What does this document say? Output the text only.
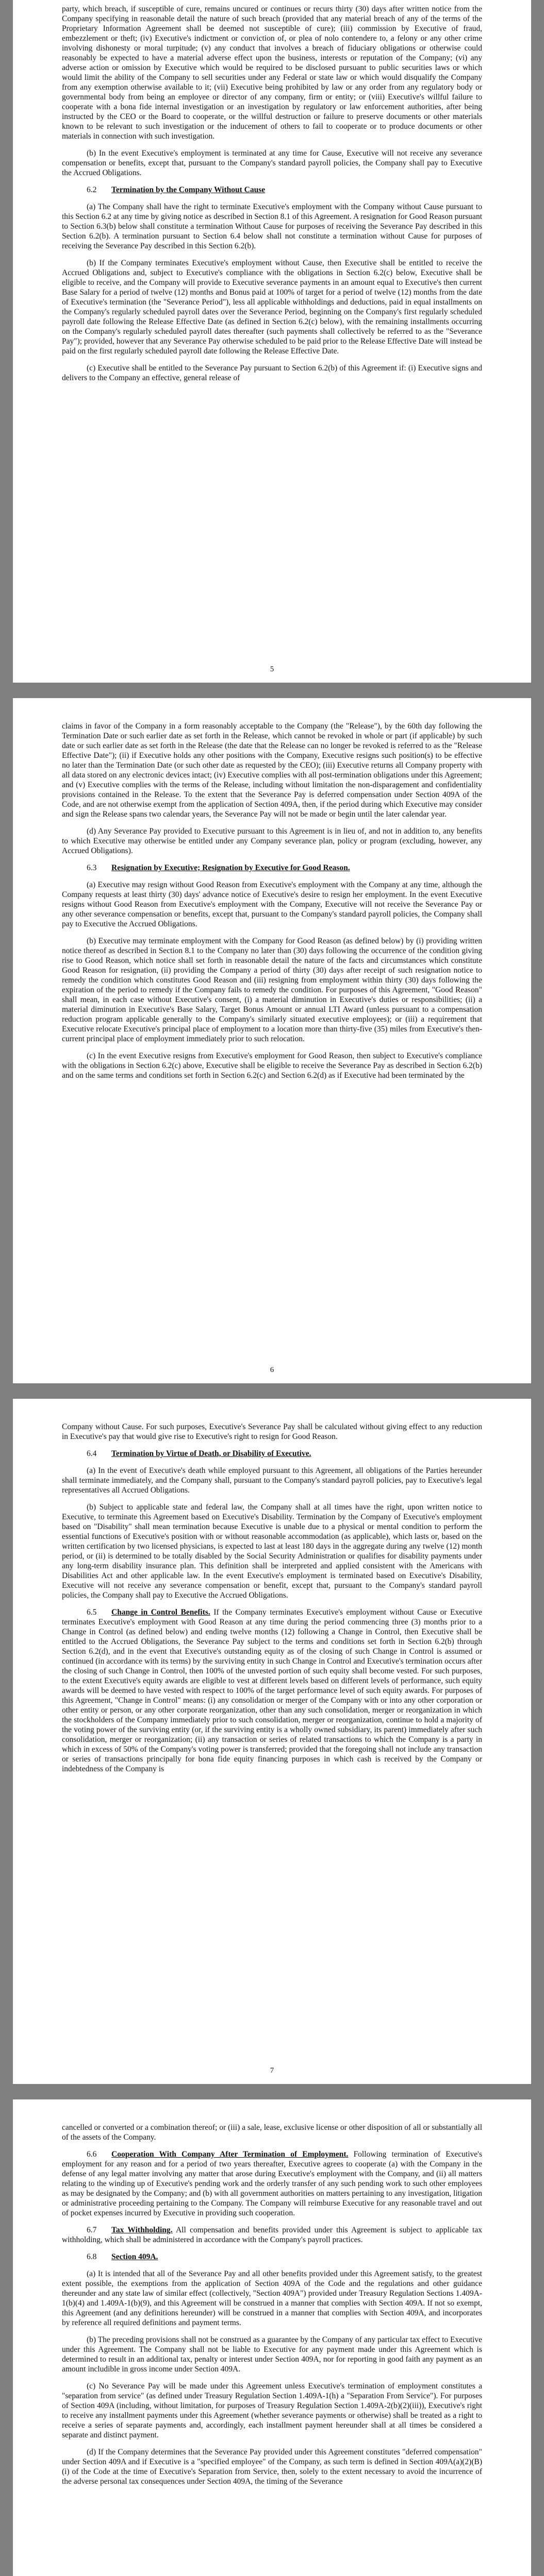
party, which breach, if susceptible of cure, remains uncured or continues or recurs thirty (30) days after written notice from the Company specifying in reasonable detail the nature of such breach (provided that any material breach of any of the terms of the Proprietary Information Agreement shall be deemed not susceptible of cure); (iii) commission by Executive of fraud, embezzlement or theft; (iv) Executive's indictment or conviction of, or plea of nolo contendere to, a felony or any other crime involving dishonesty or moral turpitude; (v) any conduct that involves a breach of fiduciary obligations or otherwise could reasonably be expected to have a material adverse effect upon the business, interests or reputation of the Company; (vi) any adverse action or omission by Executive which would be required to be disclosed pursuant to public securities laws or which would limit the ability of the Company to sell securities under any Federal or state law or which would disqualify the Company from any exemption otherwise available to it; (vii) Executive being prohibited by law or any order from any regulatory body or governmental body from being an employee or director of any company, firm or entity; or (viii) Executive's willful failure to cooperate with a bona fide internal investigation or an investigation by regulatory or law enforcement authorities, after being instructed by the CEO or the Board to cooperate, or the willful destruction or failure to preserve documents or other materials known to be relevant to such investigation or the inducement of others to fail to cooperate or to produce documents or other materials in connection with such investigation.

(b) In the event Executive's employment is terminated at any time for Cause, Executive will not receive any severance compensation or benefits, except that, pursuant to the Company's standard payroll policies, the Company shall pay to Executive the Accrued Obligations.

6.2 Termination by the Company Without Cause

(a) The Company shall have the right to terminate Executive's employment with the Company without Cause pursuant to this Section 6.2 at any time by giving notice as described in Section 8.1 of this Agreement. A resignation for Good Reason pursuant to Section 6.3(b) below shall constitute a termination Without Cause for purposes of receiving the Severance Pay described in this Section 6.2(b). A termination pursuant to Section 6.4 below shall not constitute a termination without Cause for purposes of receiving the Severance Pay described in this Section 6.2(b).

(b) If the Company terminates Executive's employment without Cause, then Executive shall be entitled to receive the Accrued Obligations and, subject to Executive's compliance with the obligations in Section 6.2(c) below, Executive shall be eligible to receive, and the Company will provide to Executive severance payments in an amount equal to Executive's then current Base Salary for a period of twelve (12) months and Bonus paid at 100% of target for a period of twelve (12) months from the date of Executive's termination (the "Severance Period"), less all applicable withholdings and deductions, paid in equal installments on the Company's regularly scheduled payroll dates over the Severance Period, beginning on the Company's first regularly scheduled payroll date following the Release Effective Date (as defined in Section 6.2(c) below), with the remaining installments occurring on the Company's regularly scheduled payroll dates thereafter (such payments shall collectively be referred to as the "Severance Pay"); provided, however that any Severance Pay otherwise scheduled to be paid prior to the Release Effective Date will instead be paid on the first regularly scheduled payroll date following the Release Effective Date.

(c) Executive shall be entitled to the Severance Pay pursuant to Section 6.2(b) of this Agreement if: (i) Executive signs and delivers to the Company an effective, general release of

5

claims in favor of the Company in a form reasonably acceptable to the Company (the "Release"), by the 60th day following the Termination Date or such earlier date as set forth in the Release, which cannot be revoked in whole or part (if applicable) by such date or such earlier date as set forth in the Release (the date that the Release can no longer be revoked is referred to as the "Release Effective Date"); (ii) if Executive holds any other positions with the Company, Executive resigns such position(s) to be effective no later than the Termination Date (or such other date as requested by the CEO); (iii) Executive returns all Company property with all data stored on any electronic devices intact; (iv) Executive complies with all post-termination obligations under this Agreement; and (v) Executive complies with the terms of the Release, including without limitation the non-disparagement and confidentiality provisions contained in the Release. To the extent that the Severance Pay is deferred compensation under Section 409A of the Code, and are not otherwise exempt from the application of Section 409A, then, if the period during which Executive may consider and sign the Release spans two calendar years, the Severance Pay will not be made or begin until the later calendar year.

(d) Any Severance Pay provided to Executive pursuant to this Agreement is in lieu of, and not in addition to, any benefits to which Executive may otherwise be entitled under any Company severance plan, policy or program (excluding, however, any Accrued Obligations).

6.3 Resignation by Executive; Resignation by Executive for Good Reason.

(a) Executive may resign without Good Reason from Executive's employment with the Company at any time, although the Company requests at least thirty (30) days' advance notice of Executive's desire to resign her employment. In the event Executive resigns without Good Reason from Executive's employment with the Company, Executive will not receive the Severance Pay or any other severance compensation or benefits, except that, pursuant to the Company's standard payroll policies, the Company shall pay to Executive the Accrued Obligations.

(b) Executive may terminate employment with the Company for Good Reason (as defined below) by (i) providing written notice thereof as described in Section 8.1 to the Company no later than (30) days following the occurrence of the condition giving rise to Good Reason, which notice shall set forth in reasonable detail the nature of the facts and circumstances which constitute Good Reason for resignation, (ii) providing the Company a period of thirty (30) days after receipt of such resignation notice to remedy the condition which constitutes Good Reason and (iii) resigning from employment within thirty (30) days following the expiration of the period to remedy if the Company fails to remedy the condition. For purposes of this Agreement, "Good Reason" shall mean, in each case without Executive's consent, (i) a material diminution in Executive's duties or responsibilities; (ii) a material diminution in Executive's Base Salary, Target Bonus Amount or annual LTI Award (unless pursuant to a compensation reduction program applicable generally to the Company's similarly situated executive employees); or (iii) a requirement that Executive relocate Executive's principal place of employment to a location more than thirty-five (35) miles from Executive's then-current principal place of employment immediately prior to such relocation.

(c) In the event Executive resigns from Executive's employment for Good Reason, then subject to Executive's compliance with the obligations in Section 6.2(c) above, Executive shall be eligible to receive the Severance Pay as described in Section 6.2(b) and on the same terms and conditions set forth in Section 6.2(c) and Section 6.2(d) as if Executive had been terminated by the

6

Company without Cause. For such purposes, Executive's Severance Pay shall be calculated without giving effect to any reduction in Executive's pay that would give rise to Executive's right to resign for Good Reason.

6.4 Termination by Virtue of Death, or Disability of Executive.

(a) In the event of Executive's death while employed pursuant to this Agreement, all obligations of the Parties hereunder shall terminate immediately, and the Company shall, pursuant to the Company's standard payroll policies, pay to Executive's legal representatives all Accrued Obligations.

(b) Subject to applicable state and federal law, the Company shall at all times have the right, upon written notice to Executive, to terminate this Agreement based on Executive's Disability. Termination by the Company of Executive's employment based on "Disability" shall mean termination because Executive is unable due to a physical or mental condition to perform the essential functions of Executive's position with or without reasonable accommodation (as applicable), which lasts or, based on the written certification by two licensed physicians, is expected to last at least 180 days in the aggregate during any twelve (12) month period, or (ii) is determined to be totally disabled by the Social Security Administration or qualifies for disability payments under any long-term disability insurance plan. This definition shall be interpreted and applied consistent with the Americans with Disabilities Act and other applicable law. In the event Executive's employment is terminated based on Executive's Disability, Executive will not receive any severance compensation or benefit, except that, pursuant to the Company's standard payroll policies, the Company shall pay to Executive the Accrued Obligations.

6.5 Change in Control Benefits. If the Company terminates Executive's employment without Cause or Executive terminates Executive's employment with Good Reason at any time during the period commencing three (3) months prior to a Change in Control (as defined below) and ending twelve months (12) following a Change in Control, then Executive shall be entitled to the Accrued Obligations, the Severance Pay subject to the terms and conditions set forth in Section 6.2(b) through Section 6.2(d), and in the event that Executive's outstanding equity as of the closing of such Change in Control is assumed or continued (in accordance with its terms) by the surviving entity in such Change in Control and Executive's termination occurs after the closing of such Change in Control, then 100% of the unvested portion of such equity shall become vested. For such purposes, to the extent Executive's equity awards are eligible to vest at different levels based on different levels of performance, such equity awards will be deemed to have vested with respect to 100% of the target performance level of such equity awards. For purposes of this Agreement, "Change in Control" means: (i) any consolidation or merger of the Company with or into any other corporation or other entity or person, or any other corporate reorganization, other than any such consolidation, merger or reorganization in which the stockholders of the Company immediately prior to such consolidation, merger or reorganization, continue to hold a majority of the voting power of the surviving entity (or, if the surviving entity is a wholly owned subsidiary, its parent) immediately after such consolidation, merger or reorganization; (ii) any transaction or series of related transactions to which the Company is a party in which in excess of 50% of the Company's voting power is transferred; provided that the foregoing shall not include any transaction or series of transactions principally for bona fide equity financing purposes in which cash is received by the Company or indebtedness of the Company is

7

cancelled or converted or a combination thereof; or (iii) a sale, lease, exclusive license or other disposition of all or substantially all of the assets of the Company.

6.6 Cooperation With Company After Termination of Employment. Following termination of Executive's employment for any reason and for a period of two years thereafter, Executive agrees to cooperate (a) with the Company in the defense of any legal matter involving any matter that arose during Executive's employment with the Company, and (ii) all matters relating to the winding up of Executive's pending work and the orderly transfer of any such pending work to such other employees as may be designated by the Company; and (b) with all government authorities on matters pertaining to any investigation, litigation or administrative proceeding pertaining to the Company. The Company will reimburse Executive for any reasonable travel and out of pocket expenses incurred by Executive in providing such cooperation.

6.7 Tax Withholding. All compensation and benefits provided under this Agreement is subject to applicable tax withholding, which shall be administered in accordance with the Company's payroll practices.

6.8 Section 409A.

(a) It is intended that all of the Severance Pay and all other benefits provided under this Agreement satisfy, to the greatest extent possible, the exemptions from the application of Section 409A of the Code and the regulations and other guidance thereunder and any state law of similar effect (collectively, "Section 409A") provided under Treasury Regulation Sections 1.409A-1(b)(4) and 1.409A-1(b)(9), and this Agreement will be construed in a manner that complies with Section 409A. If not so exempt, this Agreement (and any definitions hereunder) will be construed in a manner that complies with Section 409A, and incorporates by reference all required definitions and payment terms.

(b) The preceding provisions shall not be construed as a guarantee by the Company of any particular tax effect to Executive under this Agreement. The Company shall not be liable to Executive for any payment made under this Agreement which is determined to result in an additional tax, penalty or interest under Section 409A, nor for reporting in good faith any payment as an amount includible in gross income under Section 409A.

(c) No Severance Pay will be made under this Agreement unless Executive's termination of employment constitutes a "separation from service" (as defined under Treasury Regulation Section 1.409A-1(h) a "Separation From Service"). For purposes of Section 409A (including, without limitation, for purposes of Treasury Regulation Section 1.409A-2(b)(2)(iii)), Executive's right to receive any installment payments under this Agreement (whether severance payments or otherwise) shall be treated as a right to receive a series of separate payments and, accordingly, each installment payment hereunder shall at all times be considered a separate and distinct payment.

(d) If the Company determines that the Severance Pay provided under this Agreement constitutes "deferred compensation" under Section 409A and if Executive is a "specified employee" of the Company, as such term is defined in Section 409A(a)(2)(B)(i) of the Code at the time of Executive's Separation from Service, then, solely to the extent necessary to avoid the incurrence of the adverse personal tax consequences under Section 409A, the timing of the Severance
